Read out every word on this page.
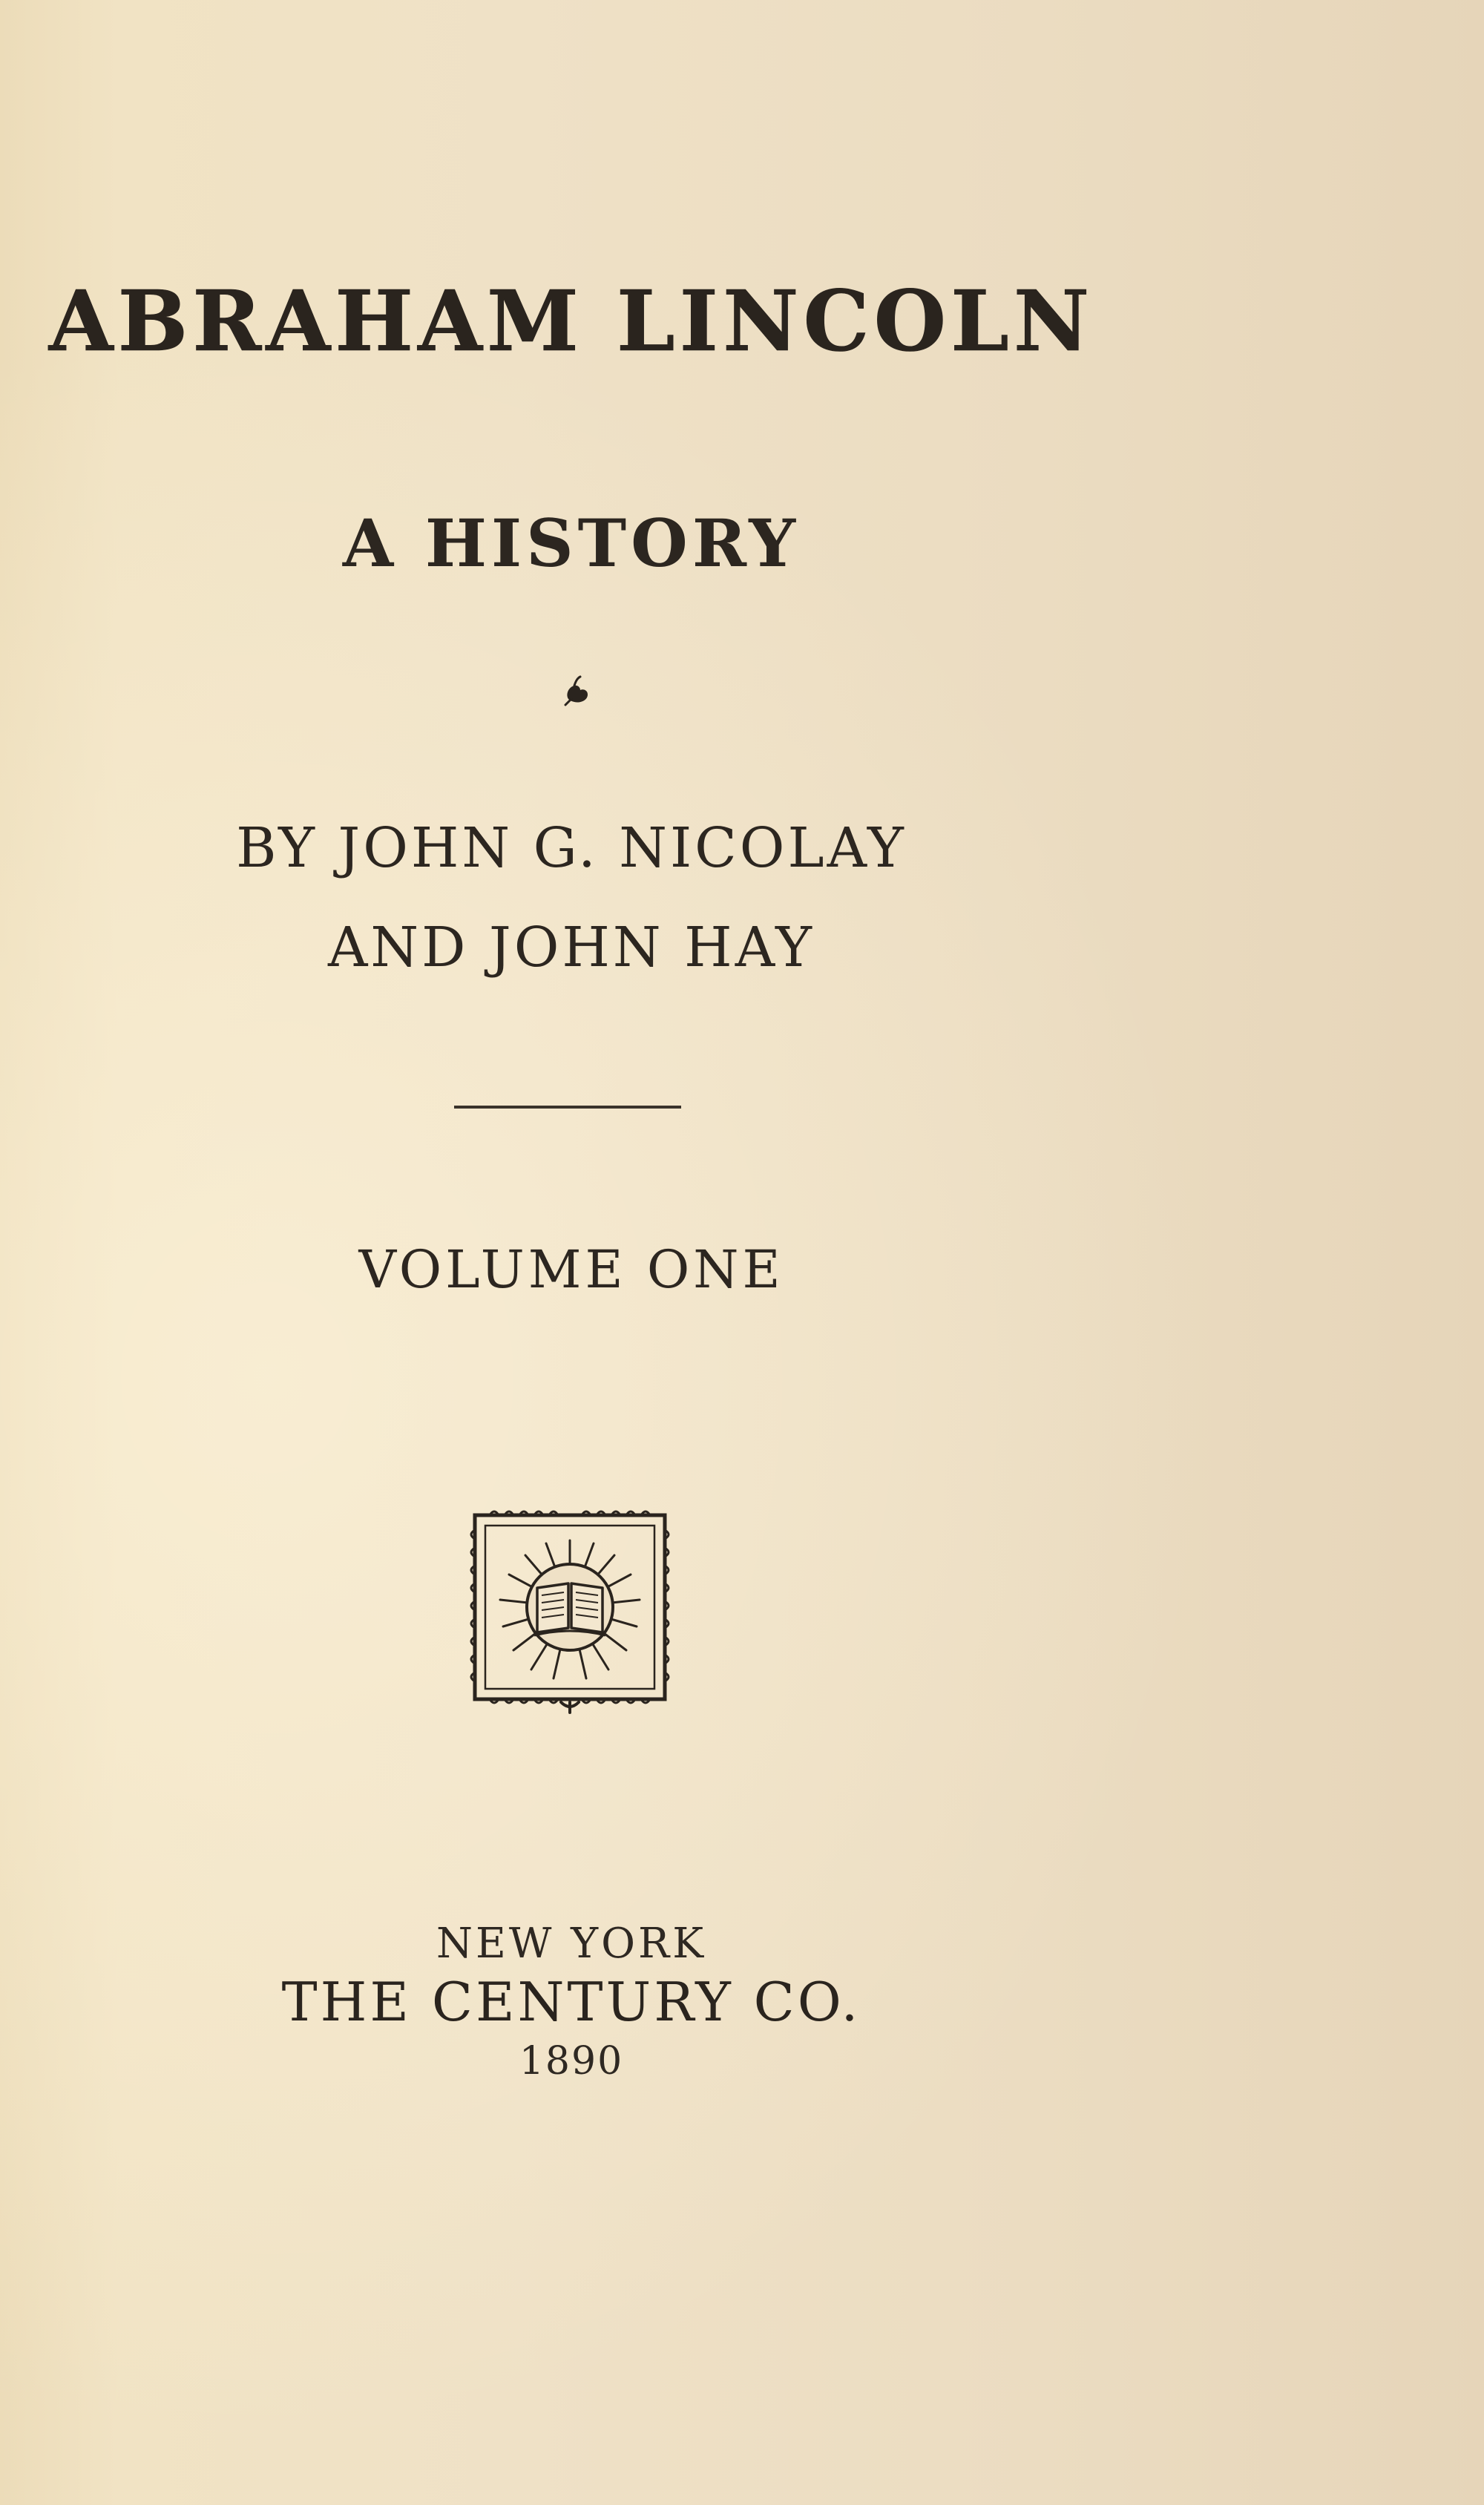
ABRAHAM LINCOLN
A HISTORY
BY JOHN G. NICOLAY
AND JOHN HAY
VOLUME ONE
NEW YORK
THE CENTURY CO.
1890
